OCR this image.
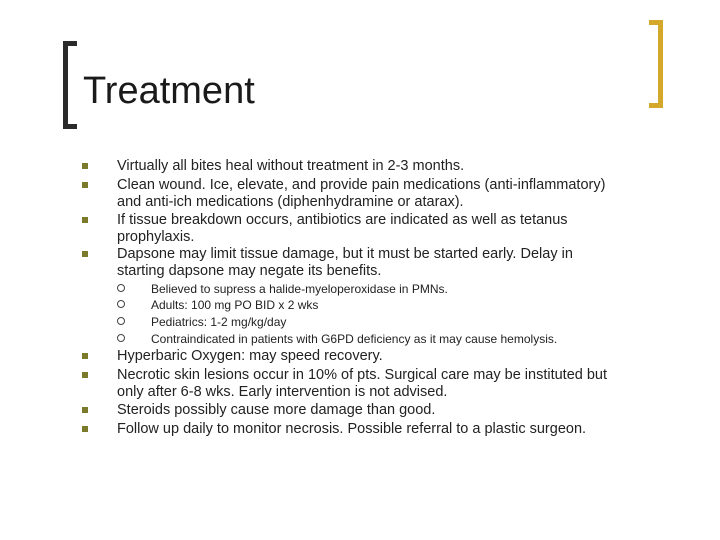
Treatment
Virtually all bites heal without treatment in 2-3 months.
Clean wound. Ice, elevate, and provide pain medications (anti-inflammatory)
and anti-ich medications (diphenhydramine or atarax).
If tissue breakdown occurs, antibiotics are indicated as well as tetanus
prophylaxis.
Dapsone may limit tissue damage, but it must be started early. Delay in
starting dapsone may negate its benefits.
Believed to supress a halide-myeloperoxidase in PMNs.
Adults: 100 mg PO BID x 2 wks
Pediatrics: 1-2 mg/kg/day
Contraindicated in patients with G6PD deficiency as it may cause hemolysis.
Hyperbaric Oxygen: may speed recovery.
Necrotic skin lesions occur in 10% of pts. Surgical care may be instituted but
only after 6-8 wks. Early intervention is not advised.
Steroids possibly cause more damage than good.
Follow up daily to monitor necrosis. Possible referral to a plastic surgeon.
